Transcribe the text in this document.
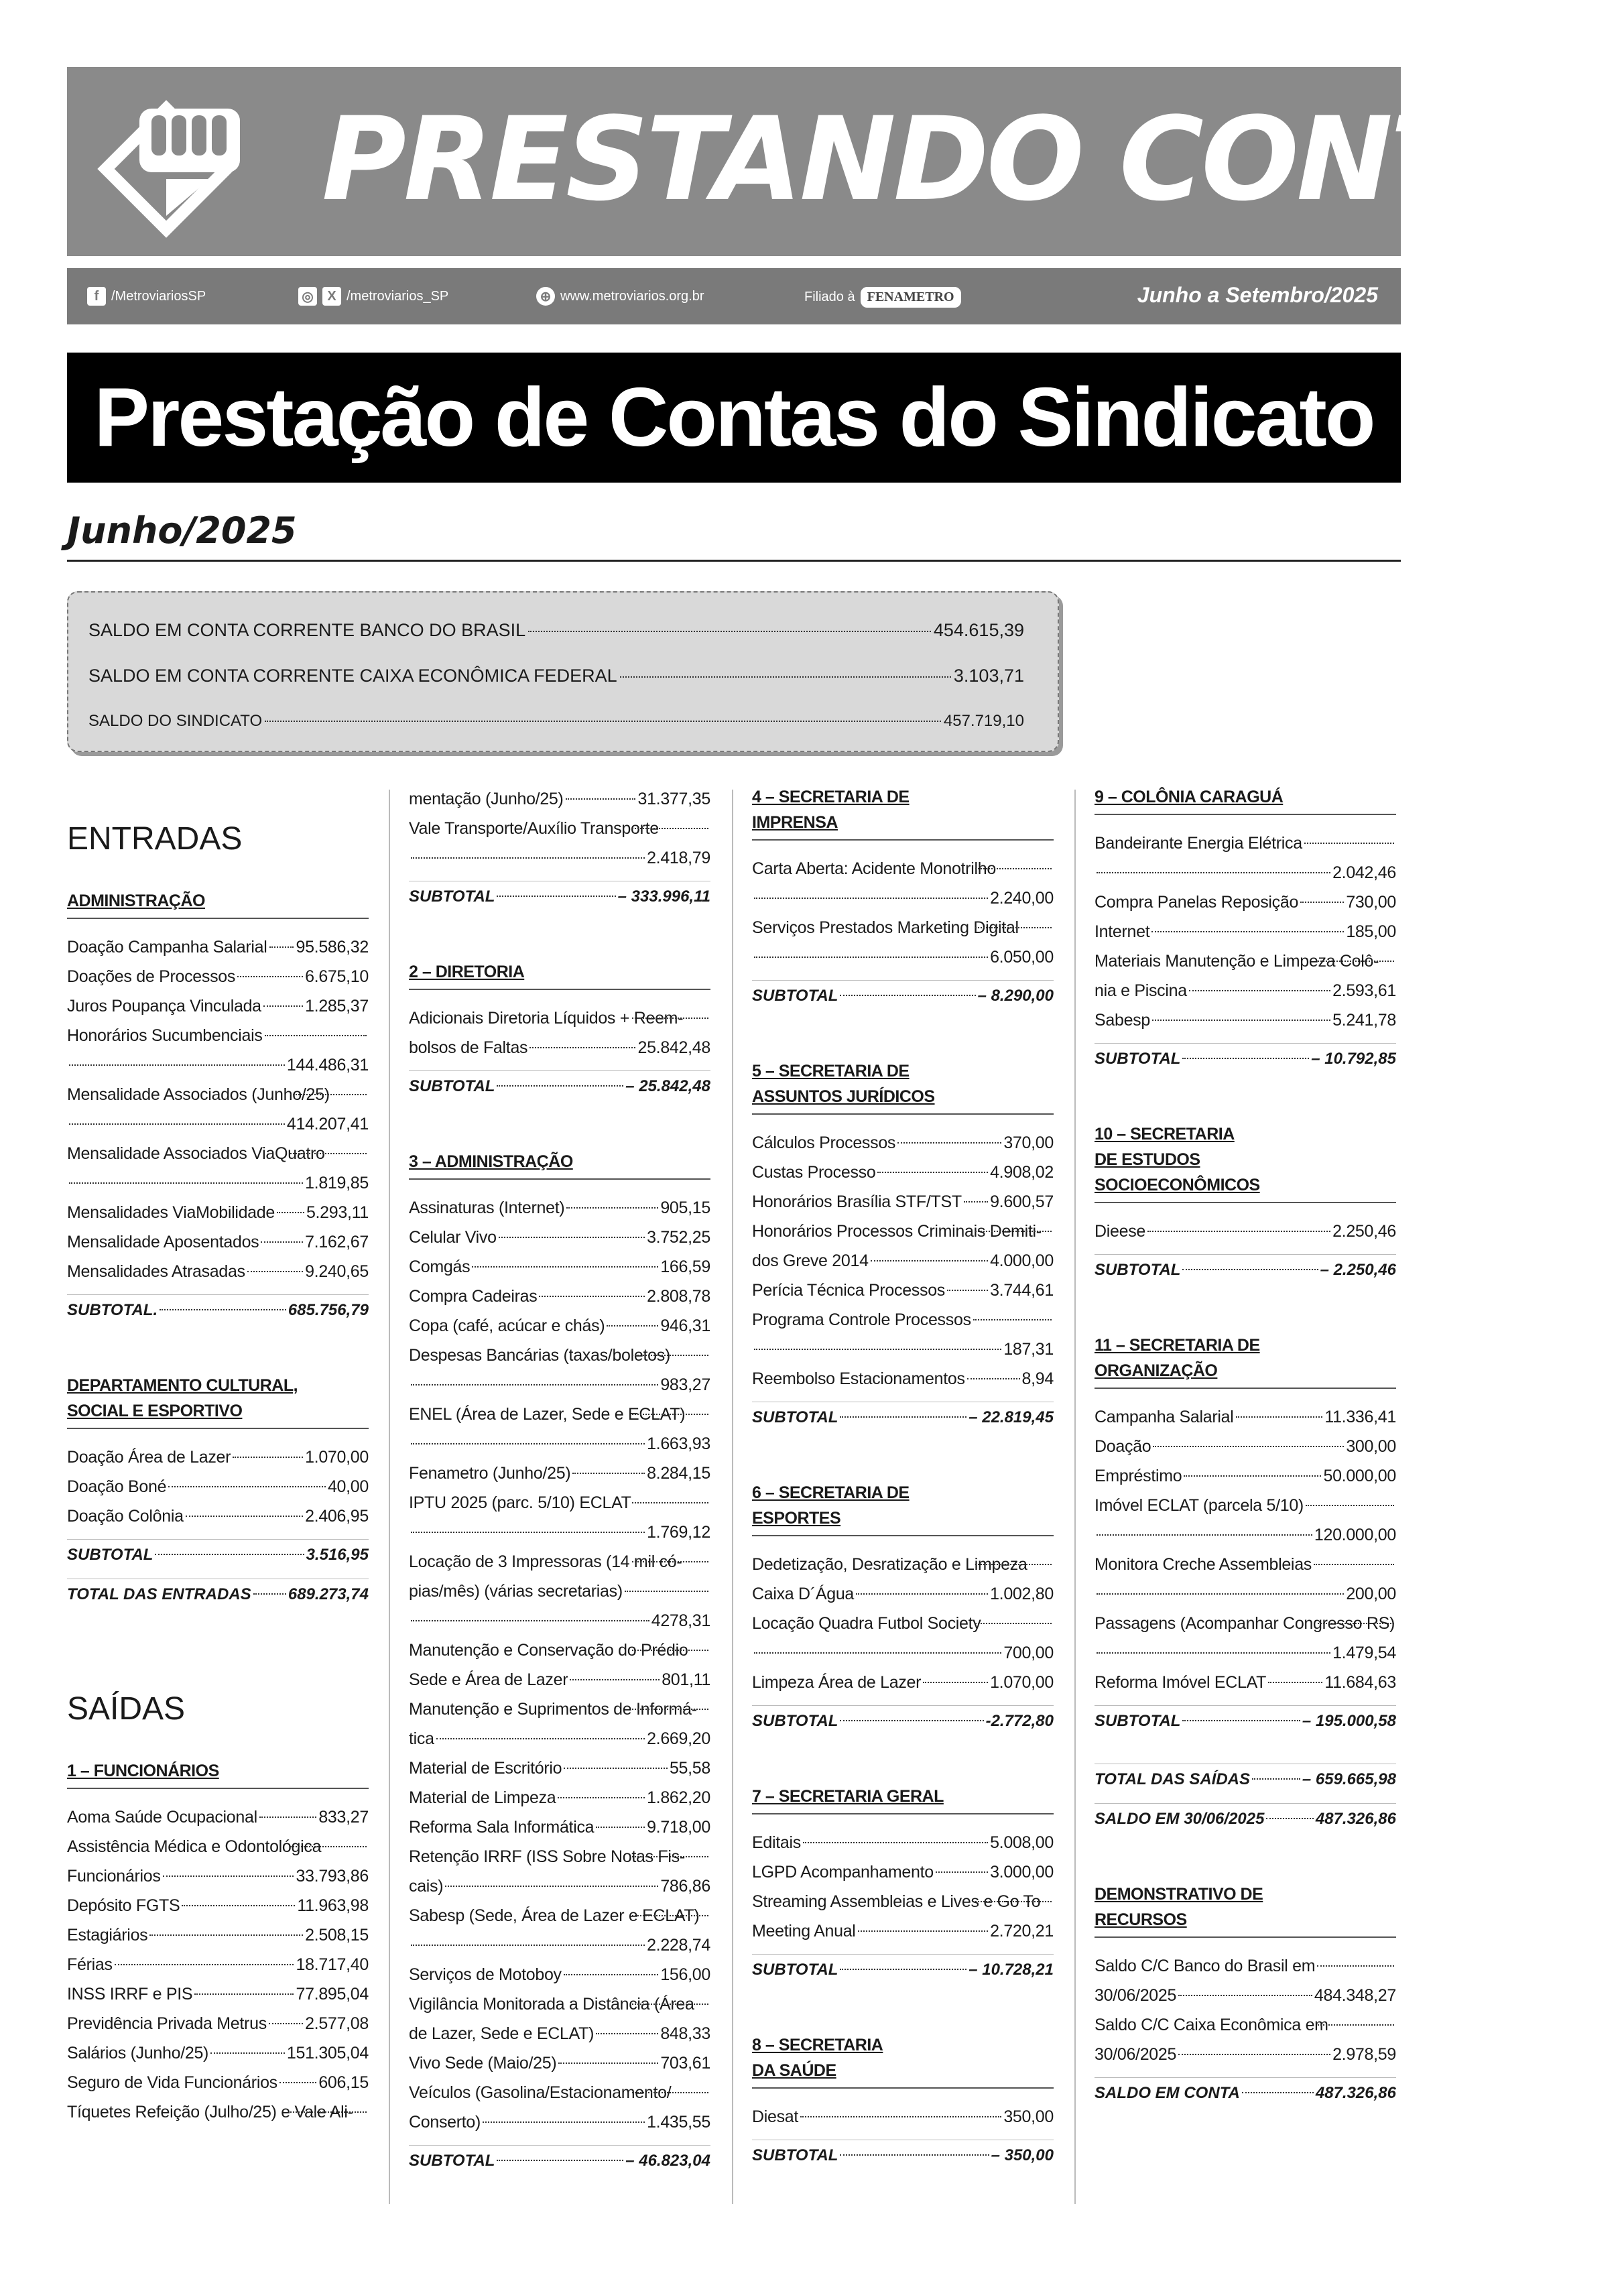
PRESTANDO CONTAS
f /MetroviariosSP	◎	X /metroviarios_SP	⊕ www.metroviarios.org.br	Filiado à FENAMETRO	Junho a Setembro/2025
Prestação de Contas do Sindicato
Junho/2025
SALDO EM CONTA CORRENTE BANCO DO BRASIL	454.615,39
SALDO EM CONTA CORRENTE CAIXA ECONÔMICA FEDERAL	3.103,71
SALDO DO SINDICATO	457.719,10
ENTRADAS
ADMINISTRAÇÃO
Doação Campanha Salarial 95.586,32
Doações de Processos	6.675,10
Juros Poupança Vinculada	1.285,37
Honorários Sucumbenciais
144.486,31
Mensalidade Associados (Junho/25)
414.207,41
Mensalidade Associados ViaQuatro
1.819,85
Mensalidades ViaMobilidade 5.293,11
Mensalidade Aposentados	7.162,67
Mensalidades Atrasadas	9.240,65
SUBTOTAL.	685.756,79
DEPARTAMENTO CULTURAL,
SOCIAL E ESPORTIVO
Doação Área de Lazer	1.070,00
Doação Boné	40,00
Doação Colônia	2.406,95
SUBTOTAL	3.516,95
TOTAL DAS ENTRADAS 689.273,74
SAÍDAS
1 – FUNCIONÁRIOS
Aoma Saúde Ocupacional	833,27
Assistência Médica e Odontológica
Funcionários	33.793,86
Depósito FGTS	11.963,98
Estagiários	2.508,15
Férias	18.717,40
INSS IRRF e PIS	77.895,04
Previdência Privada Metrus 2.577,08
Salários (Junho/25)	151.305,04
Seguro de Vida Funcionários 606,15
Tíquetes Refeição (Julho/25) e Vale Ali-
mentação (Junho/25)	31.377,35
Vale Transporte/Auxílio Transporte
2.418,79
SUBTOTAL	– 333.996,11
2 – DIRETORIA
Adicionais Diretoria Líquidos + Reem-
bolsos de Faltas	25.842,48
SUBTOTAL	– 25.842,48
3 – ADMINISTRAÇÃO
Assinaturas (Internet)	905,15
Celular Vivo	3.752,25
Comgás	166,59
Compra Cadeiras	2.808,78
Copa (café, acúcar e chás)	946,31
Despesas Bancárias (taxas/boletos)
983,27
ENEL (Área de Lazer, Sede e ECLAT)
1.663,93
Fenametro (Junho/25)	8.284,15
IPTU 2025 (parc. 5/10) ECLAT
1.769,12
Locação de 3 Impressoras (14 mil có-
pias/mês) (várias secretarias)
4278,31
Manutenção e Conservação do Prédio
Sede e Área de Lazer	801,11
Manutenção e Suprimentos de Informá-
tica	2.669,20
Material de Escritório	55,58
Material de Limpeza	1.862,20
Reforma Sala Informática	9.718,00
Retenção IRRF (ISS Sobre Notas Fis-
cais)	786,86
Sabesp (Sede, Área de Lazer e ECLAT)
2.228,74
Serviços de Motoboy	156,00
Vigilância Monitorada a Distância (Área
de Lazer, Sede e ECLAT)	848,33
Vivo Sede (Maio/25)	703,61
Veículos (Gasolina/Estacionamento/
Conserto)	1.435,55
SUBTOTAL	– 46.823,04
4 – SECRETARIA DE
IMPRENSA
Carta Aberta: Acidente Monotrilho
2.240,00
Serviços Prestados Marketing Digital
6.050,00
SUBTOTAL	– 8.290,00
5 – SECRETARIA DE
ASSUNTOS JURÍDICOS
Cálculos Processos	370,00
Custas Processo	4.908,02
Honorários Brasília STF/TST 9.600,57
Honorários Processos Criminais Demiti-
dos Greve 2014	4.000,00
Perícia Técnica Processos	3.744,61
Programa Controle Processos
187,31
Reembolso Estacionamentos	8,94
SUBTOTAL	– 22.819,45
6 – SECRETARIA DE
ESPORTES
Dedetização, Desratização e Limpeza
Caixa D´Água	1.002,80
Locação Quadra Futbol Society
700,00
Limpeza Área de Lazer	1.070,00
SUBTOTAL	-2.772,80
7 – SECRETARIA GERAL
Editais	5.008,00
LGPD Acompanhamento	3.000,00
Streaming Assembleias e Lives e Go To
Meeting Anual	2.720,21
SUBTOTAL	– 10.728,21
8 – SECRETARIA
DA SAÚDE
Diesat	350,00
SUBTOTAL	– 350,00
9 – COLÔNIA CARAGUÁ
Bandeirante Energia Elétrica
2.042,46
Compra Panelas Reposição	730,00
Internet	185,00
Materiais Manutenção e Limpeza Colô-
nia e Piscina	2.593,61
Sabesp	5.241,78
SUBTOTAL	– 10.792,85
10 – SECRETARIA
DE ESTUDOS
SOCIOECONÔMICOS
Dieese	2.250,46
SUBTOTAL	– 2.250,46
11 – SECRETARIA DE
ORGANIZAÇÃO
Campanha Salarial	11.336,41
Doação	300,00
Empréstimo	50.000,00
Imóvel ECLAT (parcela 5/10)
120.000,00
Monitora Creche Assembleias
200,00
Passagens (Acompanhar Congresso RS)
1.479,54
Reforma Imóvel ECLAT	11.684,63
SUBTOTAL	– 195.000,58
TOTAL DAS SAÍDAS	– 659.665,98
SALDO EM 30/06/2025	487.326,86
DEMONSTRATIVO DE
RECURSOS
Saldo C/C Banco do Brasil em
30/06/2025	484.348,27
Saldo C/C Caixa Econômica em
30/06/2025	2.978,59
SALDO EM CONTA	487.326,86
